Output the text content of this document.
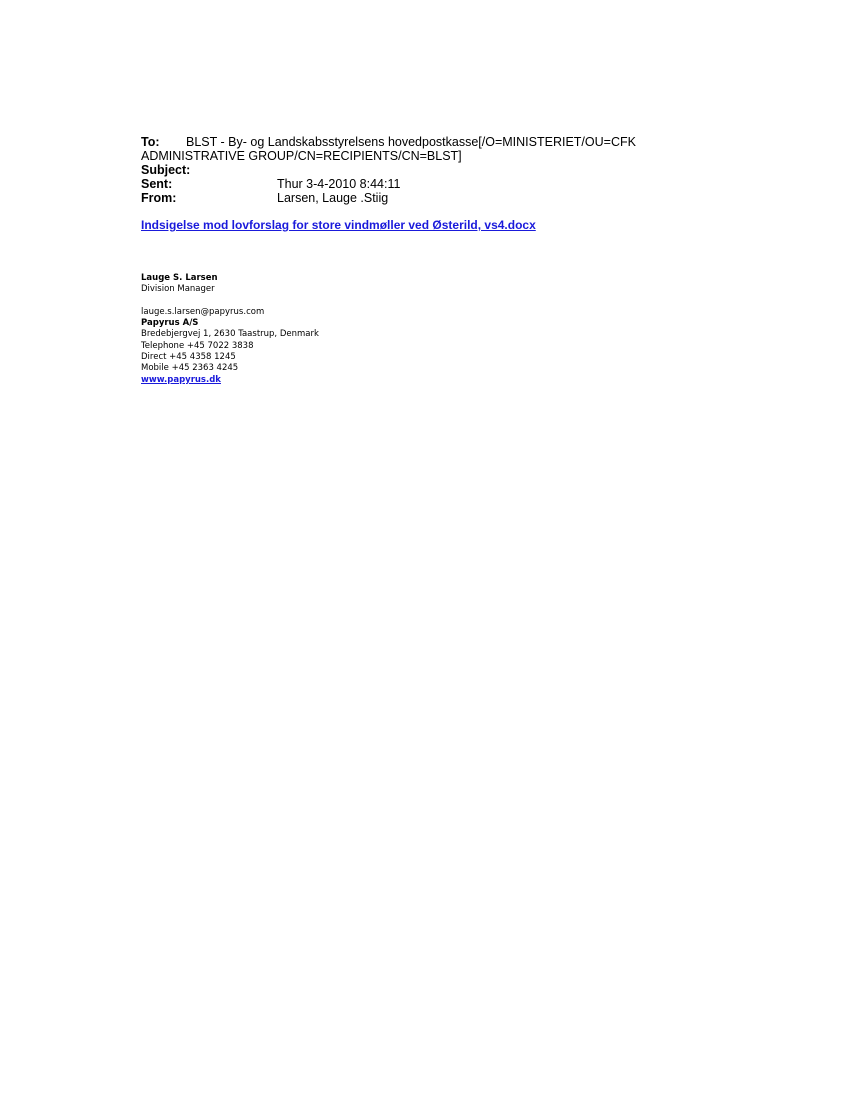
To: BLST - By- og Landskabsstyrelsens hovedpostkasse[/O=MINISTERIET/OU=CFK
ADMINISTRATIVE GROUP/CN=RECIPIENTS/CN=BLST]
Subject:
Sent:	Thur 3-4-2010 8:44:11
From:	Larsen, Lauge .Stiig
Indsigelse mod lovforslag for store vindmøller ved Østerild, vs4.docx
Lauge S. Larsen
Division Manager
lauge.s.larsen@papyrus.com
Papyrus A/S
Bredebjergvej 1, 2630 Taastrup, Denmark
Telephone +45 7022 3838
Direct +45 4358 1245
Mobile +45 2363 4245
www.papyrus.dk
